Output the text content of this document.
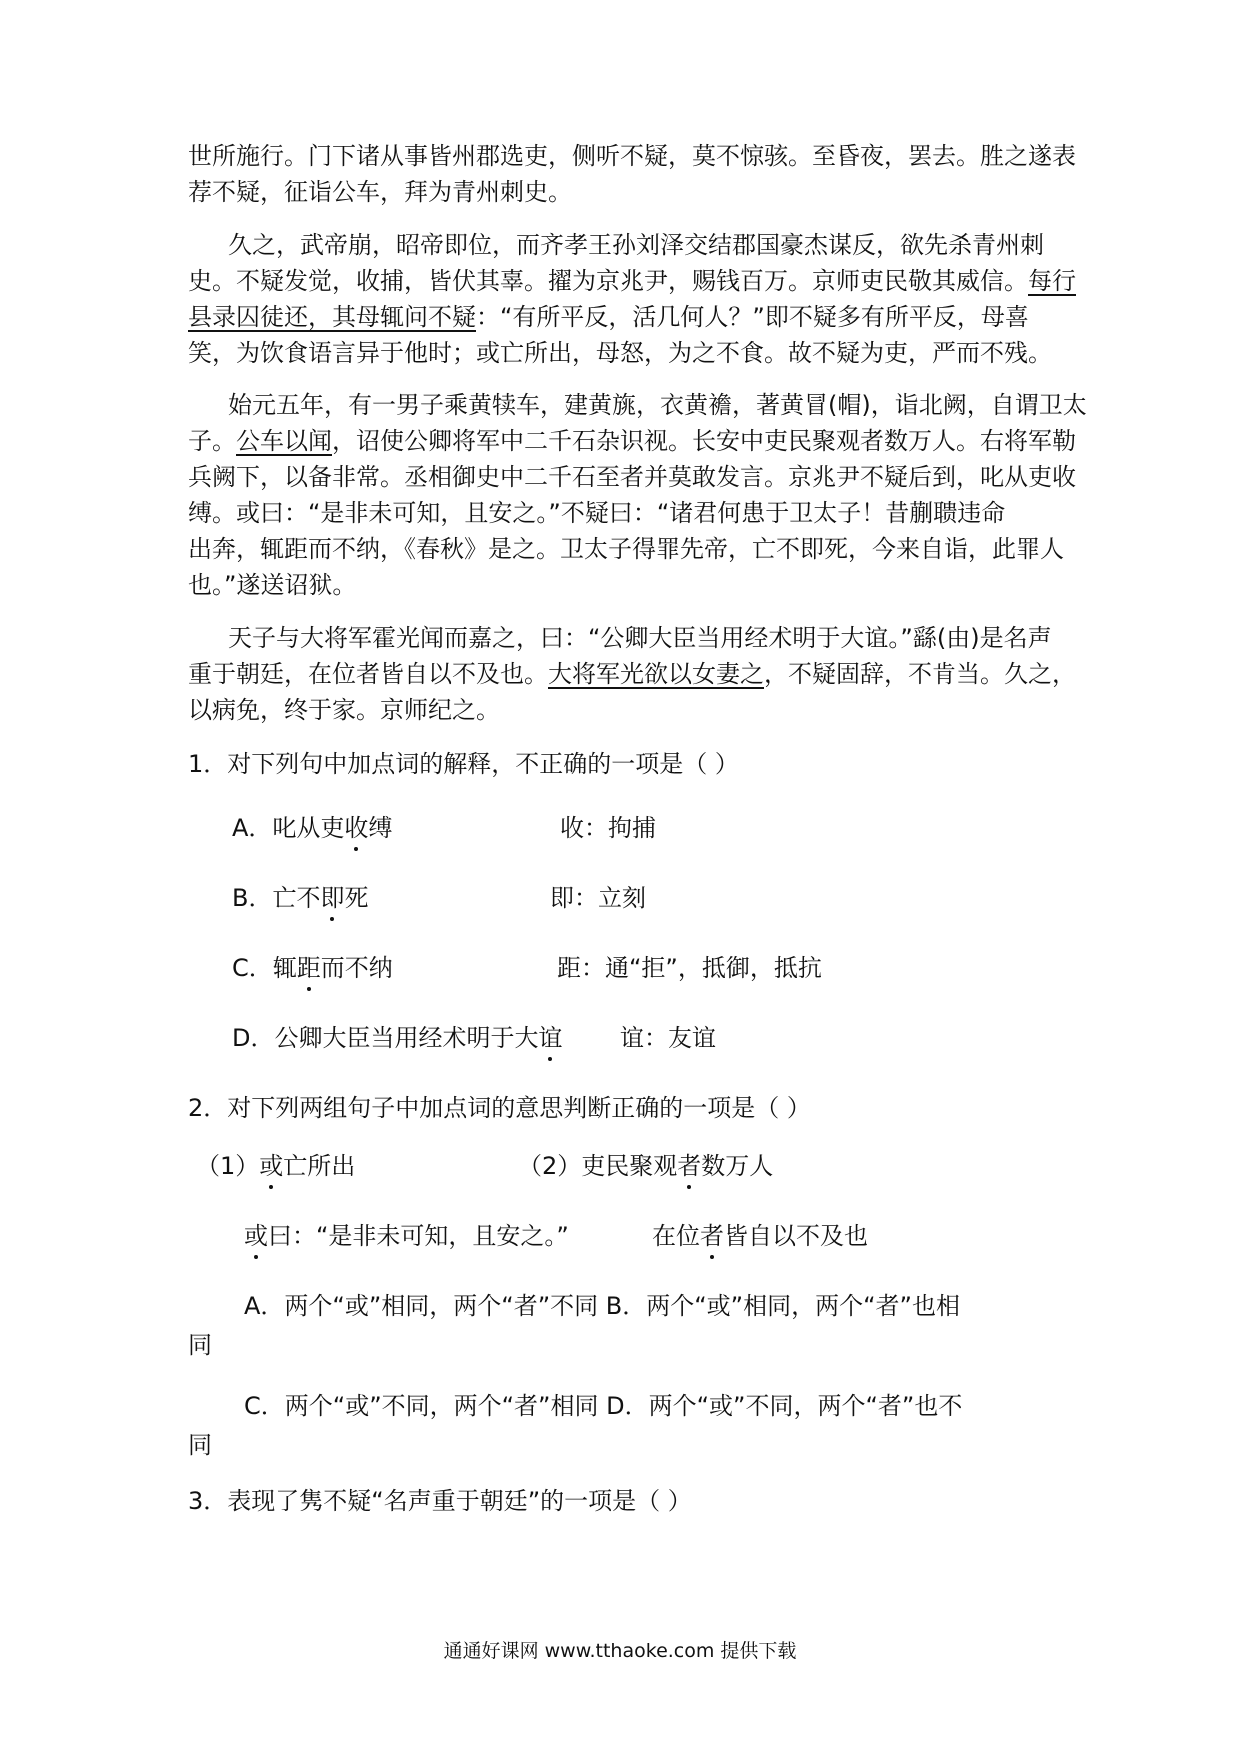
世所施行。门下诸从事皆州郡选吏，侧听不疑，莫不惊骇。至昏夜，罢去。胜之遂表
荐不疑，征诣公车，拜为青州刺史。
久之，武帝崩，昭帝即位，而齐孝王孙刘泽交结郡国豪杰谋反，欲先杀青州刺
史。不疑发觉，收捕，皆伏其辜。擢为京兆尹，赐钱百万。京师吏民敬其威信。每行
县录囚徒还，其母辄问不疑：“有所平反，活几何人？”即不疑多有所平反，母喜
笑，为饮食语言异于他时；或亡所出，母怒，为之不食。故不疑为吏，严而不残。
始元五年，有一男子乘黄犊车，建黄旐，衣黄襜，著黄冒(帽)，诣北阙，自谓卫太
子。公车以闻，诏使公卿将军中二千石杂识视。长安中吏民聚观者数万人。右将军勒
兵阙下，以备非常。丞相御史中二千石至者并莫敢发言。京兆尹不疑后到，叱从吏收
缚。或曰：“是非未可知，且安之。”不疑曰：“诸君何患于卫太子！昔蒯聩违命
出奔，辄距而不纳，《春秋》是之。卫太子得罪先帝，亡不即死，今来自诣，此罪人
也。”遂送诏狱。
天子与大将军霍光闻而嘉之，曰：“公卿大臣当用经术明于大谊。”繇(由)是名声
重于朝廷，在位者皆自以不及也。大将军光欲以女妻之，不疑固辞，不肯当。久之，
以病免，终于家。京师纪之。
1．对下列句中加点词的解释，不正确的一项是（ ）
A．叱从吏收缚	收：拘捕
B．亡不即死	即：立刻
C．辄距而不纳	距：通“拒”，抵御，抵抗
D．公卿大臣当用经术明于大谊 谊：友谊
2．对下列两组句子中加点词的意思判断正确的一项是（ ）
（1）或亡所出	（2）吏民聚观者数万人
或曰：“是非未可知，且安之。”	在位者皆自以不及也
A．两个“或”相同，两个“者”不同 B．两个“或”相同，两个“者”也相
同
C．两个“或”不同，两个“者”相同 D．两个“或”不同，两个“者”也不
同
3．表现了隽不疑“名声重于朝廷”的一项是（ ）
通通好课网 www.tthaoke.com 提供下载
